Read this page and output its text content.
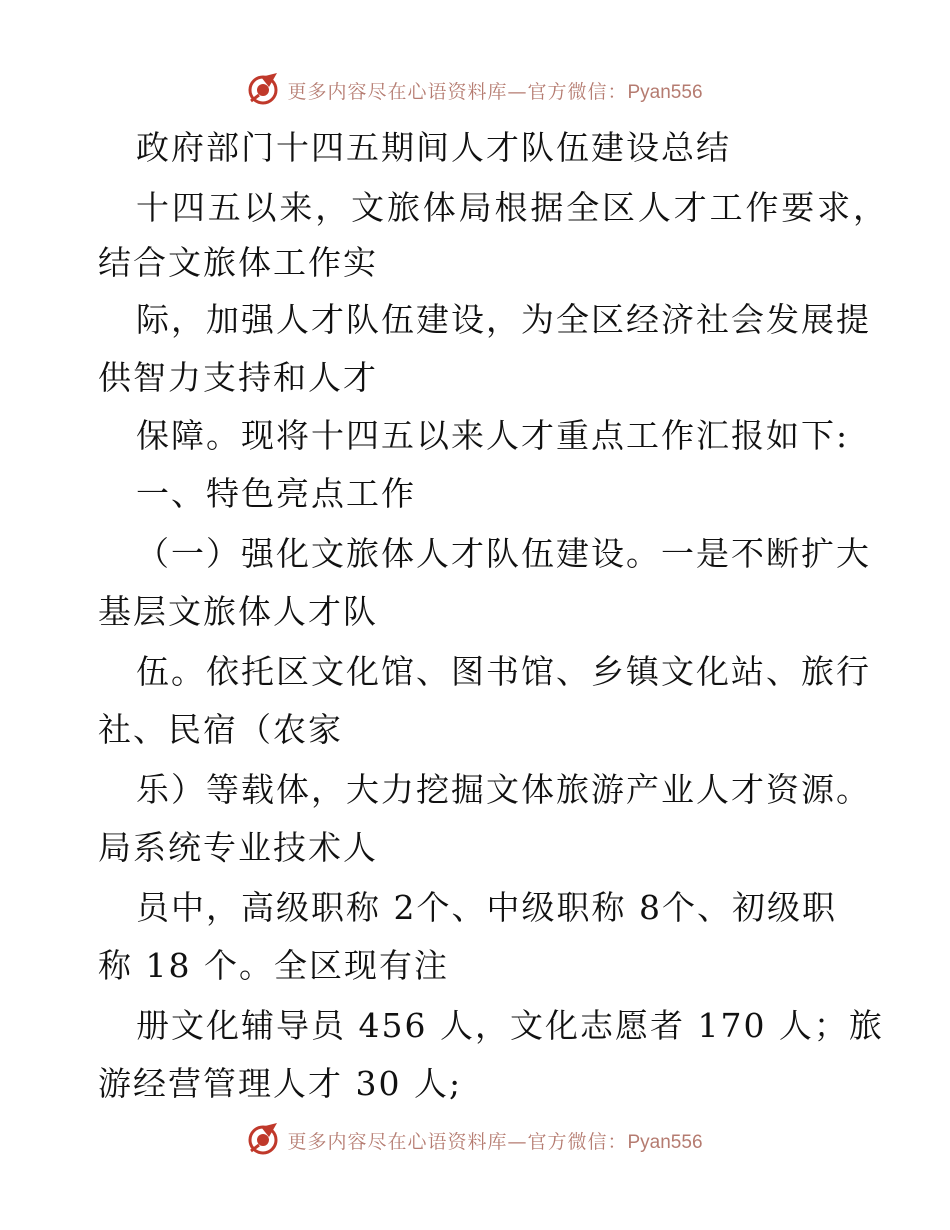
更多内容尽在心语资料库—官方微信：Pyan556
政府部门十四五期间人才队伍建设总结
十四五以来，文旅体局根据全区人才工作要求，
结合文旅体工作实
际，加强人才队伍建设，为全区经济社会发展提
供智力支持和人才
保障。现将十四五以来人才重点工作汇报如下:
一、特色亮点工作
（一）强化文旅体人才队伍建设。一是不断扩大
基层文旅体人才队
伍。依托区文化馆、图书馆、乡镇文化站、旅行
社、民宿（农家
乐）等载体，大力挖掘文体旅游产业人才资源。
局系统专业技术人
员中，高级职称 2个、中级职称 8个、初级职
称 18 个。全区现有注
册文化辅导员 456 人，文化志愿者 170 人；旅
游经营管理人才 30 人;
更多内容尽在心语资料库—官方微信：Pyan556
